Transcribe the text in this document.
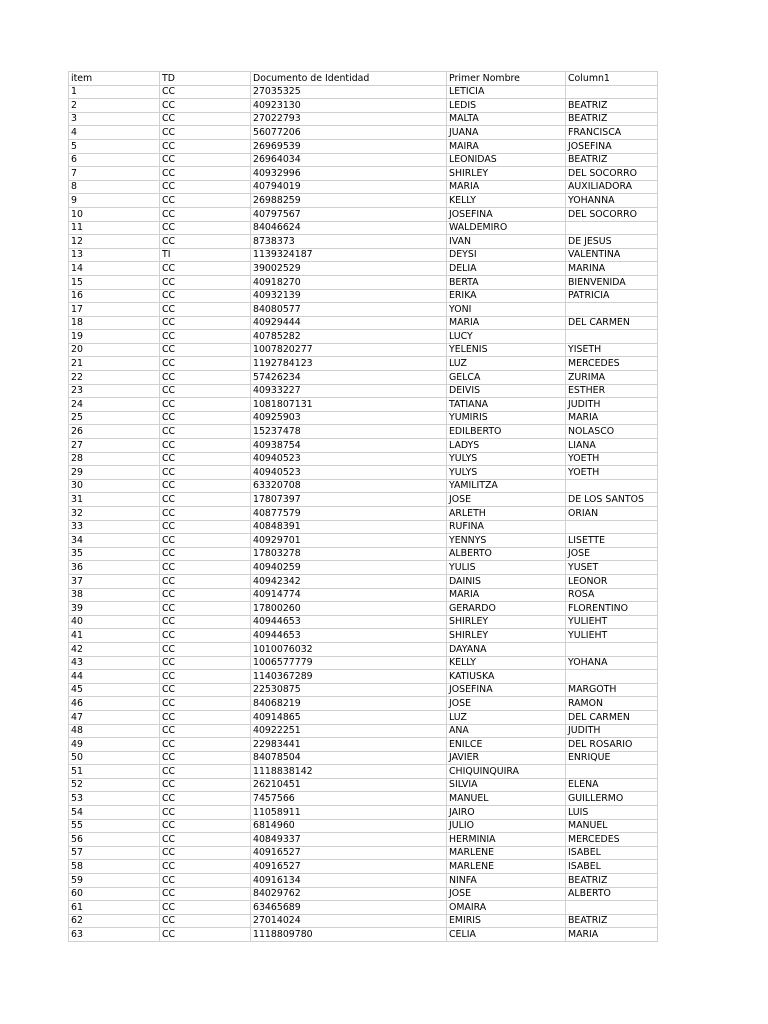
item	TD	Documento de Identidad	Primer Nombre	Column1
1	CC	27035325	LETICIA	
2	CC	40923130	LEDIS	BEATRIZ
3	CC	27022793	MALTA	BEATRIZ
4	CC	56077206	JUANA	FRANCISCA
5	CC	26969539	MAIRA	JOSEFINA
6	CC	26964034	LEONIDAS	BEATRIZ
7	CC	40932996	SHIRLEY	DEL SOCORRO
8	CC	40794019	MARIA	AUXILIADORA
9	CC	26988259	KELLY	YOHANNA
10	CC	40797567	JOSEFINA	DEL SOCORRO
11	CC	84046624	WALDEMIRO	
12	CC	8738373	IVAN	DE JESUS
13	TI	1139324187	DEYSI	VALENTINA
14	CC	39002529	DELIA	MARINA
15	CC	40918270	BERTA	BIENVENIDA
16	CC	40932139	ERIKA	PATRICIA
17	CC	84080577	YONI	
18	CC	40929444	MARIA	DEL CARMEN
19	CC	40785282	LUCY	
20	CC	1007820277	YELENIS	YISETH
21	CC	1192784123	LUZ	MERCEDES
22	CC	57426234	GELCA	ZURIMA
23	CC	40933227	DEIVIS	ESTHER
24	CC	1081807131	TATIANA	JUDITH
25	CC	40925903	YUMIRIS	MARIA
26	CC	15237478	EDILBERTO	NOLASCO
27	CC	40938754	LADYS	LIANA
28	CC	40940523	YULYS	YOETH
29	CC	40940523	YULYS	YOETH
30	CC	63320708	YAMILITZA	
31	CC	17807397	JOSE	DE LOS SANTOS
32	CC	40877579	ARLETH	ORIAN
33	CC	40848391	RUFINA	
34	CC	40929701	YENNYS	LISETTE
35	CC	17803278	ALBERTO	JOSE
36	CC	40940259	YULIS	YUSET
37	CC	40942342	DAINIS	LEONOR
38	CC	40914774	MARIA	ROSA
39	CC	17800260	GERARDO	FLORENTINO
40	CC	40944653	SHIRLEY	YULIEHT
41	CC	40944653	SHIRLEY	YULIEHT
42	CC	1010076032	DAYANA	
43	CC	1006577779	KELLY	YOHANA
44	CC	1140367289	KATIUSKA	
45	CC	22530875	JOSEFINA	MARGOTH
46	CC	84068219	JOSE	RAMON
47	CC	40914865	LUZ	DEL CARMEN
48	CC	40922251	ANA	JUDITH
49	CC	22983441	ENILCE	DEL ROSARIO
50	CC	84078504	JAVIER	ENRIQUE
51	CC	1118838142	CHIQUINQUIRA	
52	CC	26210451	SILVIA	ELENA
53	CC	7457566	MANUEL	GUILLERMO
54	CC	11058911	JAIRO	LUIS
55	CC	6814960	JULIO	MANUEL
56	CC	40849337	HERMINIA	MERCEDES
57	CC	40916527	MARLENE	ISABEL
58	CC	40916527	MARLENE	ISABEL
59	CC	40916134	NINFA	BEATRIZ
60	CC	84029762	JOSE	ALBERTO
61	CC	63465689	OMAIRA	
62	CC	27014024	EMIRIS	BEATRIZ
63	CC	1118809780	CELIA	MARIA
